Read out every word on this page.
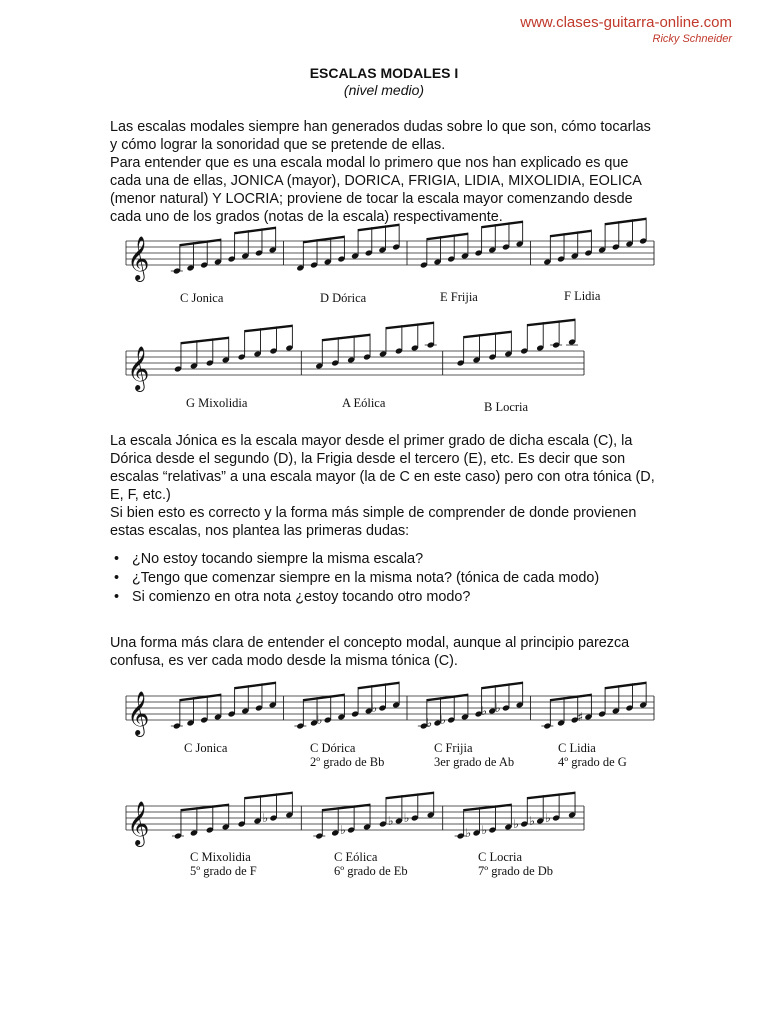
www.clases-guitarra-online.com
Ricky Schneider
ESCALAS MODALES I
(nivel medio)

Las escalas modales siempre han generados dudas sobre lo que son, cómo tocarlas y cómo lograr la sonoridad que se pretende de ellas.

Para entender que es una escala modal lo primero que nos han explicado es que cada una de ellas, JONICA (mayor), DORICA, FRIGIA, LIDIA, MIXOLIDIA, EOLICA (menor natural) Y LOCRIA; proviene de tocar la escala mayor comenzando desde cada uno de los grados (notas de la escala) respectivamente.

C Jonica	D Dórica	E Frijia	F Lidia
𝄞
G Mixolidia	A Eólica	B Locria
𝄞

La escala Jónica es la escala mayor desde el primer grado de dicha escala (C), la Dórica desde el segundo (D), la Frigia desde el tercero (E), etc. Es decir que son escalas “relativas” a una escala mayor (la de C en este caso) pero con otra tónica (D, E, F, etc.)

Si bien esto es correcto y la forma más simple de comprender de donde provienen estas escalas, nos plantea las primeras dudas:

• ¿No estoy tocando siempre la misma escala?
• ¿Tengo que comenzar siempre en la misma nota? (tónica de cada modo)
• Si comienzo en otra nota ¿estoy tocando otro modo?

Una forma más clara de entender el concepto modal, aunque al principio parezca confusa, es ver cada modo desde la misma tónica (C).

C Jonica	C Dórica
2º grado de Bb
C Frijia
3er grado de Ab
C Lidia
4º grado de G
𝄞	♭
♭
♭ ♭
♭ ♭
♯
C Mixolidia
5º grado de F
C Eólica
6º grado de Eb
C Locria
7º grado de Db
𝄞	♭
♭
♭ ♭
♭ ♭ ♭ ♭ ♭
